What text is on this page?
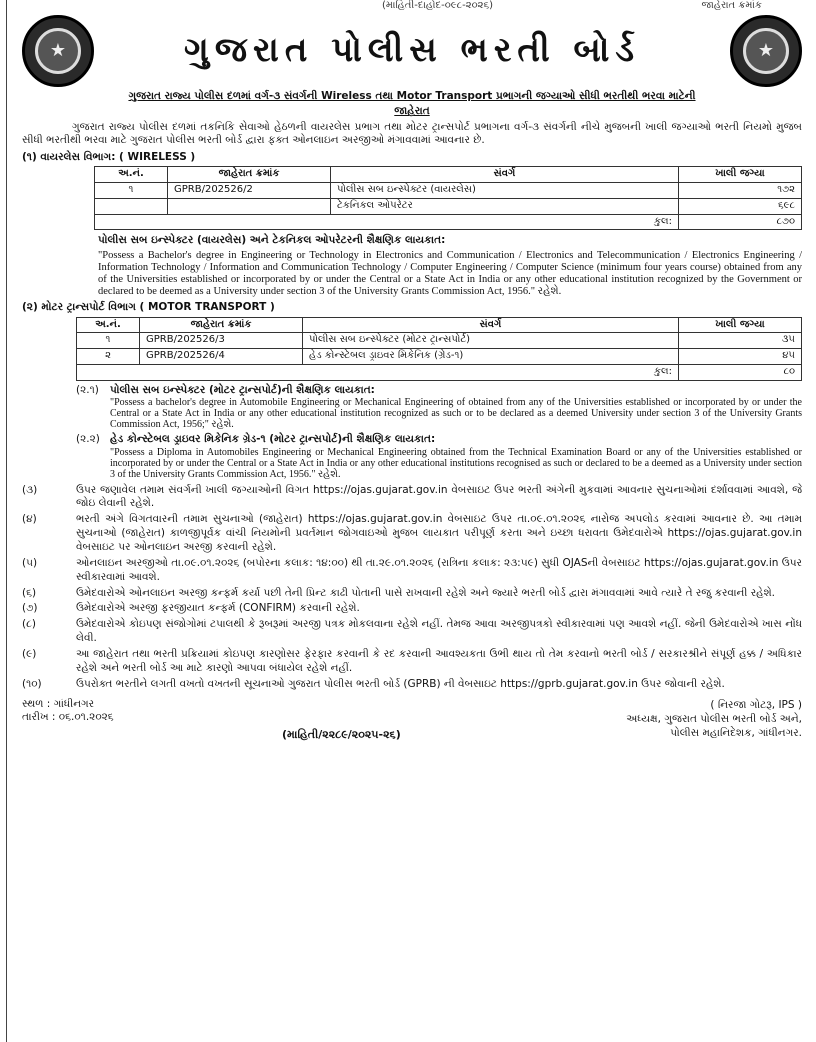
(માહિતી-દાહોદ-૦૯૮-૨૦૨૬)	જાહેરાત ક્રમાંક
★	ગુજરાત પોલીસ ભરતી બોર્ડ	★
ગુજરાત રાજ્ય પોલીસ દળમાં વર્ગ-૩ સંવર્ગની Wireless તથા Motor Transport પ્રભાગની જગ્યાઓ સીધી ભરતીથી ભરવા માટેની
જાહેરાત
ગુજરાત રાજ્ય પોલીસ દળમાં તકનિકિ સેવાઓ હેઠળની વાયરલેસ પ્રભાગ તથા મોટર ટ્રાન્સપોર્ટ પ્રભાગના વર્ગ-૩ સંવર્ગની નીચે મુજબની ખાલી જગ્યાઓ ભરતી નિયમો મુજબ સીધી ભરતીથી ભરવા માટે ગુજરાત પોલીસ ભરતી બોર્ડ દ્વારા ફક્ત ઓનલાઇન અરજીઓ મંગાવવામાં આવનાર છે.
(૧) વાયરલેસ વિભાગ: ( WIRELESS )
અ.નં.	જાહેરાત ક્રમાંક	સંવર્ગ	ખાલી જગ્યા
૧	GPRB/202526/2	પોલીસ સબ ઇન્સ્પેક્ટર (વાયરલેસ)	૧૭૨
		ટેકનિકલ ઓપરેટર	૬૯૮
કુલ:			૮૭૦
પોલીસ સબ ઇન્સ્પેક્ટર (વાયરલેસ) અને ટેકનિકલ ઓપરેટરની શૈક્ષણિક લાયકાત:
"Possess a Bachelor's degree in Engineering or Technology in Electronics and Communication / Electronics and Telecommunication / Electronics Engineering / Information Technology / Information and Communication Technology / Computer Engineering / Computer Science (minimum four years course) obtained from any of the Universities established or incorporated by or under the Central or a State Act in India or any other educational institution recognized by the Government or declared to be deemed as a University under section 3 of the University Grants Commission Act, 1956." રહેશે.
(૨) મોટર ટ્રાન્સપોર્ટ વિભાગ ( MOTOR TRANSPORT )
અ.નં.	જાહેરાત ક્રમાંક	સંવર્ગ	ખાલી જગ્યા
૧	GPRB/202526/3	પોલીસ સબ ઇન્સ્પેક્ટર (મોટર ટ્રાન્સપોર્ટ)	૩૫
૨	GPRB/202526/4	હેડ કોન્સ્ટેબલ ડ્રાઇવર મિકેનિક (ગ્રેડ-૧)	૪૫
કુલ:			૮૦
(૨.૧)	પોલીસ સબ ઇન્સ્પેક્ટર (મોટર ટ્રાન્સપોર્ટ)ની શૈક્ષણિક લાયકાત:
"Possess a bachelor's degree in Automobile Engineering or Mechanical Engineering of obtained from any of the Universities established or incorporated by or under the Central or a State Act in India or any other educational institution recognized as such or to be declared as a deemed University under section 3 of the University Grants Commission Act, 1956;" રહેશે.
(૨.૨) હેડ કોન્સ્ટેબલ ડ્રાઇવર મિકેનિક ગ્રેડ-૧ (મોટર ટ્રાન્સપોર્ટ)ની શૈક્ષણિક લાયકાત:
"Possess a Diploma in Automobiles Engineering or Mechanical Engineering obtained from the Technical Examination Board or any of the Universities established or incorporated by or under the Central or a State Act in India or any other educational institutions recognised as such or declared to be a deemed as a University under section 3 of the University Grants Commission Act, 1956." રહેશે.
(૩)	ઉપર જણાવેલ તમામ સંવર્ગની ખાલી જગ્યાઓની વિગત https://ojas.gujarat.gov.in વેબસાઇટ ઉપર ભરતી અંગેની મુકવામાં આવનાર સુચનાઓમાં દર્શાવવામાં આવશે, જે જોઇ લેવાની રહેશે.
(૪)	ભરતી અંગે વિગતવારની તમામ સુચનાઓ (જાહેરાત) https://ojas.gujarat.gov.in વેબસાઇટ ઉપર તા.૦૯.૦૧.૨૦૨૬ નારોજ અપલોડ કરવામાં આવનાર છે. આ તમામ સુચનાઓ (જાહેરાત) કાળજીપૂર્વક વાંચી નિયમોની પ્રવર્તમાન જોગવાઇઓ મુજબ લાયકાત પરીપૂર્ણ કરતા અને ઇચ્છા ધરાવતા ઉમેદવારોએ https://ojas.gujarat.gov.in વેબસાઇટ પર ઓનલાઇન અરજી કરવાની રહેશે.
(૫)	ઓનલાઇન અરજીઓ તા.૦૯.૦૧.૨૦૨૬ (બપોરના કલાક: ૧૪:૦૦) થી તા.૨૯.૦૧.૨૦૨૬ (રાત્રિના કલાક: ૨૩:૫૯) સુધી OJASની વેબસાઇટ https://ojas.gujarat.gov.in ઉપર સ્વીકારવામાં આવશે.
(૬)	ઉમેદવારોએ ઓનલાઇન અરજી કન્ફર્મ કર્યા પછી તેની પ્રિન્ટ કાઢી પોતાની પાસે રાખવાની રહેશે અને જ્યારે ભરતી બોર્ડ દ્વારા મંગાવવામાં આવે ત્યારે તે રજુ કરવાની રહેશે.
(૭)	ઉમેદવારોએ અરજી ફરજીયાત કન્ફર્મ (CONFIRM) કરવાની રહેશે.
(૮)	ઉમેદવારોએ કોઇપણ સંજોગોમાં ટપાલથી કે રૂબરૂમાં અરજી પત્રક મોકલવાના રહેશે નહીં. તેમજ આવા અરજીપત્રકો સ્વીકારવામાં પણ આવશે નહીં. જેની ઉમેદવારોએ ખાસ નોંધ લેવી.
(૯)	આ જાહેરાત તથા ભરતી પ્રક્રિયામાં કોઇપણ કારણોસર ફેરફાર કરવાની કે રદ કરવાની આવશ્યકતા ઉભી થાય તો તેમ કરવાનો ભરતી બોર્ડ / સરકારશ્રીને સંપૂર્ણ હક્ક / અધિકાર રહેશે અને ભરતી બોર્ડ આ માટે કારણો આપવા બંધાયેલ રહેશે નહીં.
(૧૦)	ઉપરોક્ત ભરતીને લગતી વખતો વખતની સૂચનાઓ ગુજરાત પોલીસ ભરતી બોર્ડ (GPRB) ની વેબસાઇટ https://gprb.gujarat.gov.in ઉપર જોવાની રહેશે.
સ્થળ : ગાંધીનગર
તારીખ : ૦૬.૦૧.૨૦૨૬
(માહિતી/૨૨૮૯/૨૦૨૫-૨૬)
( નિરજા ગોટરૂ, IPS )
અધ્યક્ષ, ગુજરાત પોલીસ ભરતી બોર્ડ અને,
પોલીસ મહાનિદેશક, ગાંધીનગર.
